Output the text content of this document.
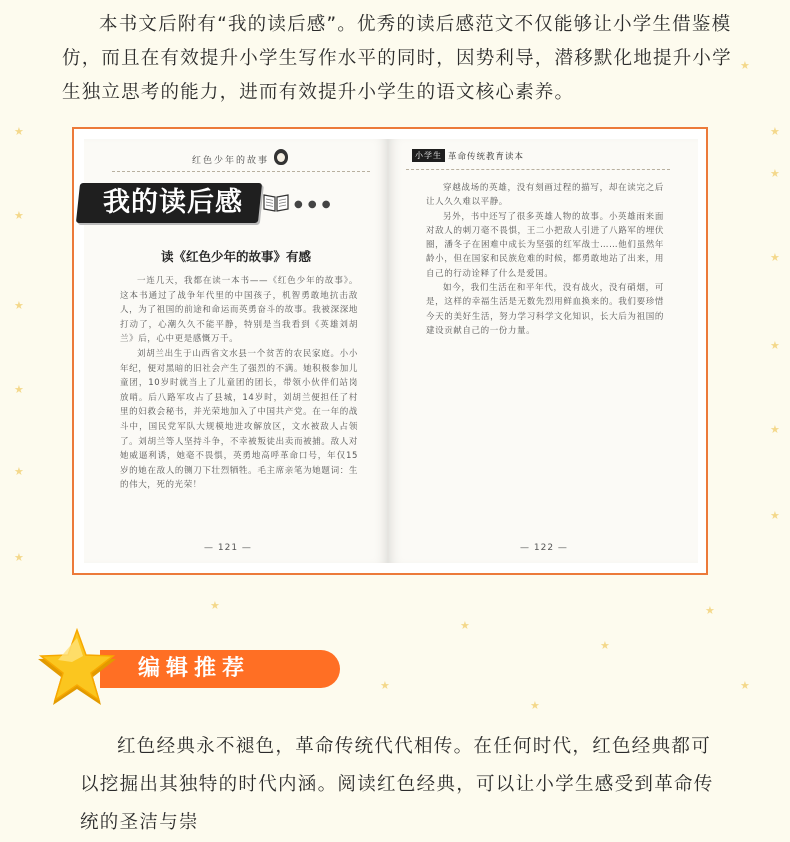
★	★
★
★
★
★
★
★
★
★
★
★
★
★
★
★
★
★
★
★

本书文后附有“我的读后感”。优秀的读后感范文不仅能够让小学生借鉴模仿，而且在有效提升小学生写作水平的同时，因势利导，潜移默化地提升小学生独立思考的能力，进而有效提升小学生的语文核心素养。

红色少年的故事
我的读后感	● ● ●
读《红色少年的故事》有感

一连几天，我都在读一本书——《红色少年的故事》。这本书通过了战争年代里的中国孩子，机智勇敢地抗击敌人，为了祖国的前途和命运而英勇奋斗的故事。我被深深地打动了，心潮久久不能平静，特别是当我看到《英雄刘胡兰》后，心中更是感慨万千。

刘胡兰出生于山西省文水县一个贫苦的农民家庭。小小年纪，便对黑暗的旧社会产生了强烈的不满。她积极参加儿童团，10岁时就当上了儿童团的团长，带领小伙伴们站岗放哨。后八路军攻占了县城，14岁时，刘胡兰便担任了村里的妇救会秘书，并光荣地加入了中国共产党。在一年的战斗中，国民党军队大规模地进攻解放区，文水被敌人占领了。刘胡兰等人坚持斗争，不幸被叛徒出卖而被捕。敌人对她威逼利诱，她毫不畏惧，英勇地高呼革命口号，年仅15岁的她在敌人的铡刀下壮烈牺牲。毛主席亲笔为她题词：生的伟大，死的光荣！

— 121 —
小学生 革命传统教育读本

穿越战场的英雄，没有刻画过程的描写，却在读完之后让人久久难以平静。

另外，书中还写了很多英雄人物的故事。小英雄雨来面对敌人的刺刀毫不畏惧，王二小把敌人引进了八路军的埋伏圈，潘冬子在困难中成长为坚强的红军战士……他们虽然年龄小，但在国家和民族危难的时候，都勇敢地站了出来，用自己的行动诠释了什么是爱国。

如今，我们生活在和平年代，没有战火，没有硝烟，可是，这样的幸福生活是无数先烈用鲜血换来的。我们要珍惜今天的美好生活，努力学习科学文化知识，长大后为祖国的建设贡献自己的一份力量。

— 122 —
编辑推荐

红色经典永不褪色，革命传统代代相传。在任何时代，红色经典都可以挖掘出其独特的时代内涵。阅读红色经典，可以让小学生感受到革命传统的圣洁与崇
